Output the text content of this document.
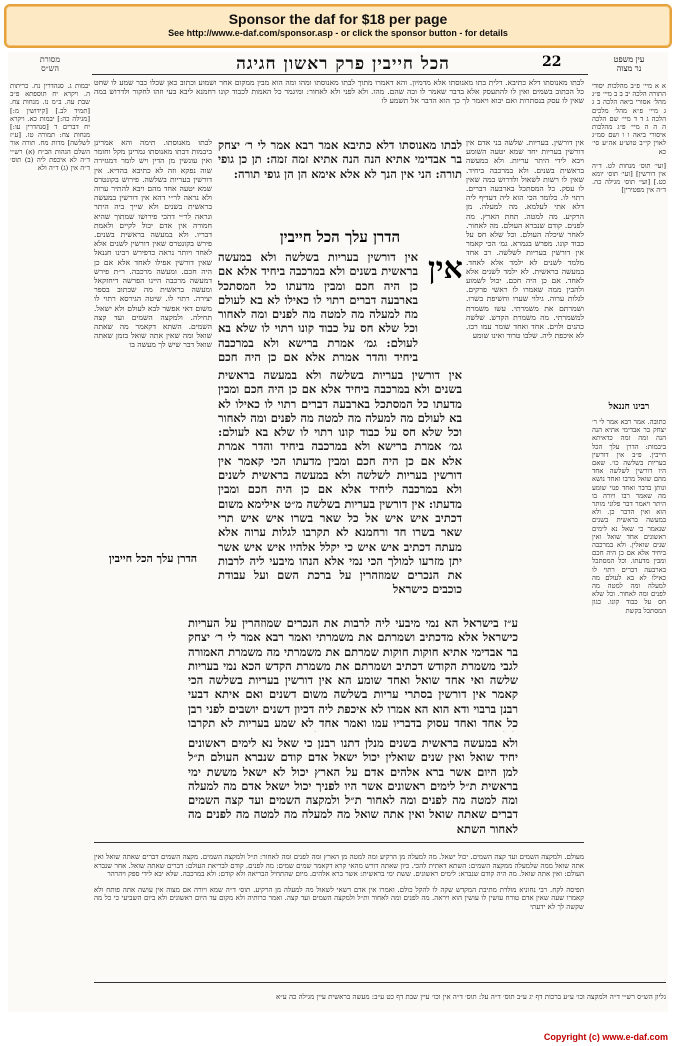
Sponsor the daf for $18 per page
See http://www.e-daf.com/sponsor.asp - or click the sponsor button - for details
מסורת
הש״ס	הכל חייבין פרק ראשון חגיגה	22	עין משפט
נר מצוה

א א מיי׳ פ״ב מהלכות יסודי התורה הלכה יב ב ב מיי׳ פ״ג מהל׳ אסורי ביאה הלכה ב ג ג מיי׳ פ״א מהל׳ מלכים הלכה ג ד ד מיי׳ שם הלכה ה ה ה מיי׳ פ״ג מהלכות איסורי ביאה ו ו ושם סמ״ג לאוין קי״ב טוש״ע אה״ע סי׳ כא

[ועי׳ תוס׳ מנחות לט. ד״ה אין דורשין] [ועי׳ תוס׳ יומא כט.] [ועי׳ תוס׳ מגילה כה. ד״ה אין מפטירין]

רבינו חננאל

כתובה. אמר רבא אמר לי ר׳ יצחק בר אבדימי אתיא הנה הנה זמה זמה כדאיתא ביבמות: הדרן עלך הכל חייבין. פ״ב אין דורשין בעריות בשלשה כו׳. שאם היו דורשין לשלשה אחד מהם שואל מרבו ואחד נושא ונותן בדבר ואחד פנוי שומע מה שאמר רבו ויורה בו היתר ויאמר דבר פלוני מותר הוא ואין הדבר כן. ולא במעשה בראשית בשנים שנאמר כי שאל נא לימים ראשונים אחד שואל ואין שנים שואלין. ולא במרכבה ביחיד אלא אם כן היה חכם ומבין מדעתו. וכל המסתכל בארבעה דברים רתוי לו כאילו לא בא לעולם מה למעלה ומה למטה מה לפנים ומה לאחור. וכל שלא חס על כבוד קונו. כגון המסתכל בקשת

יבמות ג. סנהדרין נח. כריתות ה. ויקרא יח תוספתא פ״ב שבת עה. ב״מ נז. מנחות צח. [תמיד לב.] [קידושין מ:] [מגילה כה:] יבמות כא. ויקרא יח דברים ד [סנהדרין עו:] מנחות צח: תמורה טז. [ע״ז לשלשה] מדות מח. תורה אור השלם הגהות הב״ח (א) רש״י ד״ה לא איכפת ליה (ב) תוס׳ ד״ה אין (ג) ד״ה ולא

לבתו מאנוסתו דלא כתיבא. דלית בתו מאנוסתו אלא מדמיון. והא דאמרו מתוך לבתו מאנוסתו ומהו ומה הוא מבין ממקום אחר ושמוע וכתוב כאן שכלו כבר שמע לו שחט כל הכתוב בשמים ואין לו להתעסק אלא בדבר שאמר לו ובה שהם. מהו. ולא לפני ולא לאחור: ומיגמר כל האמות לכבוד קונו רחמנא ליבא בעי וזהו לחקור ולדרוש במה שאין לו עסק בנסתרות ואם יבוא ויאמר לך כך הוא הדבר אל תשמע לו

לבתו מאנוסתו. תימה והא אמרינן ביבמות דבתו מאנוסתו גמרינן מקל וחומר ואין עונשין מן הדין ויש לומר דמגזירה שוה נפקא וזה לא כתיבא בהדיא. אין דורשין בעריות בשלשה. פירוש בקונטרס שמא יטעה אחד מהם ויבא להתיר ערוה ולא נראה לר״י דהא אין דורשין במעשה בראשית בשנים ולא שייך ביה היתר ונראה לר״י דהכי פירושו שמתוך שהיא חמורה אין אדם יכול לקיים ולאמת דבריו. ולא במעשה בראשית בשנים. פירש בקונטרס שאין דורשין לשנים אלא לאחד ויותר נראה כדפירש רבינו חננאל שאין דורשין אפילו לאחד אלא אם כן היה חכם. ומעשה מרכבה. ר״ת פירש דמעשה מרכבה היינו הפרשה דיחזקאל ומעשה בראשית מה שכתוב בספר יצירה. רתוי לו. שיטה הגירסא רתוי לו משום דאי אפשר לבא לעולם ולא ישאל. תחילה. ולמקצה השמים ועד קצה השמים. השתא דקאמר מה שאתה שואל ומה שאין אתה שואל בזמן שאתה שואל דבר שיש לך מעשה בו

אין דורשין. בעריות. שלשה בני אדם אין דורשין בעריות יחד שמא יטעה השומע ויבא לידי היתר עריות. ולא במעשה בראשית בשנים. ולא במרכבה ביחיד. שאין לו רשות לשאול ולדרוש במה שאין לו עסק. כל המסתכל בארבעה דברים. רתוי לו. כלומר הכי הוא ליה דעדיף ליה דלא אתי לעלמא. מה למעלה. מן הרקיע. מה למטה. תחת הארץ. מה לפנים. קודם שנברא העולם. מה לאחור. לאחר שיכלה העולם. וכל שלא חס על כבוד קונו. מפרש בגמרא. גמ׳ הכי קאמר אין דורשין בעריות לשלשה. רב אחד מלמד לשנים לא ילמד אלא לאחד. במעשה בראשית. לא ילמד לשנים אלא לאחד. אם כן היה חכם. יכול לשמוע ולהבין ממה שאמרו לו ראשי פרקים. לגלות ערוה. גילוי שערו וחשיפת בשרו. ושמרתם את משמרתי. עשו משמרת למשמרתי. מה משמרת הקדש. שלשה כהנים ולוים. אחד ואחד שומר עמו רבו. לא איכפת ליה. שלבו טרוד ואינו שומע

לבתו מאנוסתו דלא כתיבא אמר רבא אמר לי ר׳ יצחק בר אבדימי אתיא הנה הנה אתיא זמה זמה: תן כן גופי תורה: הני אין הנך לא אלא אימא הן הן גופי תורה:

הדרן עלך הכל חייבין

אין דורשין בעריות בשלשה ולא במעשה בראשית בשנים ולא במרכבה ביחיד אלא אם כן היה חכם ומבין מדעתו כל המסתכל בארבעה דברים רתוי לו כאילו לא בא לעולם מה למעלה מה למטה מה לפנים ומה לאחור וכל שלא חס על כבוד קונו רתוי לו שלא בא לעולם: גמ׳ אמרת ברישא ולא במרכבה ביחיד והדר אמרת אלא אם כן היה חכם

אין

אין דורשין בעריות בשלשה ולא במעשה בראשית בשנים ולא במרכבה ביחיד אלא אם כן היה חכם ומבין מדעתו כל המסתכל בארבעה דברים רתוי לו כאילו לא בא לעולם מה למעלה מה למטה מה לפנים ומה לאחור וכל שלא חס על כבוד קונו רתוי לו שלא בא לעולם: גמ׳ אמרת ברישא ולא במרכבה ביחיד והדר אמרת אלא אם כן היה חכם ומבין מדעתו הכי קאמר אין דורשין בעריות לשלשה ולא במעשה בראשית לשנים ולא במרכבה ליחיד אלא אם כן היה חכם ומבין מדעתו: אין דורשין בעריות בשלשה מ״ט אילימא משום דכתיב איש איש אל כל שאר בשרו איש איש תרי שאר בשרו חד ורחמנא לא תקרבו לגלות ערוה אלא מעתה דכתיב איש איש כי יקלל אלהיו איש איש אשר יתן מזרעו למולך הכי נמי אלא הנהו מיבעי ליה לרבות את הנכרים שמוזהרין על ברכת השם ועל עבודת כוכבים כישראל

ע״ז בישראל הא נמי מיבעי ליה לרבות את הנכרים שמוזהרין על העריות כישראל אלא מדכתיב ושמרתם את משמרתי ואמר רבא אמר לי ר׳ יצחק בר אבדימי אתיא חוקות חוקות שמרתם את משמרתי מה משמרת האמורה לגבי משמרת הקודש דכתיב ושמרתם את משמרת הקדש הכא נמי בעריות שלשה ואי אחד שואל ואחד שומע הא אין דורשין בעריות בשלשה הכי קאמר אין דורשין בסתרי עריות בשלשה משום דשנים ואם איתא דבעי רבנן ברבוי ודא הוא הא אמרו לא איכפת ליה דכיון דשנים יושבים לפני רבן כל אחד ואחד עסוק בדבריו עמו ואמר אחד לא שמע בעריות לא תקרבו

ולא במעשה בראשית בשנים מנלן דתנו רבנן כי שאל נא לימים ראשונים יחיד שואל ואין שנים שואלין יכול ישאל אדם קודם שנברא העולם ת״ל למן היום אשר ברא אלהים אדם על הארץ יכול לא ישאל מששת ימי בראשית ת״ל לימים ראשונים אשר היו לפניך יכול ישאל אדם מה למעלה ומה למטה מה לפנים ומה לאחור ת״ל ולמקצה השמים ועד קצה השמים דברים שאתה שואל ואין אתה שואל מה למעלה מה למטה מה לפנים מה לאחור השתא

הדרן עלך הכל חייבין

מעולם. ולמקצה השמים ועד קצה השמים. יכול ישאל. מה למעלה מן הרקיע ומה למטה מן הארץ ומה לפנים ומה לאחור: ת״ל ולמקצה השמים. מקצה השמים דברים שאתה שואל ואין אתה שואל ממה שלמעלה ממקצה השמים: השתא דאתית להכי. כיון שאתה דורש מהאי קרא דקאמר שמים שמים: מה לפנים. קודם לבריאת העולם: דברים שאתה שואל. אחר שנברא העולם: ואין אתה שואל. מה היה קודם שנברא: לימים ראשונים. ששת ימי בראשית: אשר ברא אלהים. מיום שהתחיל הבריאה ולא קודם: ולא במרכבה. שלא יבא לידי ספק ויהרהר

תפיסה לקח. רבי נחוניא מולדת מתיבת המקדש שקה לו להקל כולם. ואמרו אין אדם רשאי לשאול מה למעלה מן הרקיע. תוס׳ ד״ה שמא ויורה אם מצוה אין עושה אתה פותח ולא קאמרו שעה שאין אדם טורח עושין לו עושין הוא ויראה. מה לפנים ומה לאחור ות״ל ולמקצה השמים ועד קצה. ואמר כרותיה ולא מקום עד היום ראשונים ולא ביום השביעי כי כל מה שקשה לך לא ידעתי

גליון הש״ס רש״י ד״ה ולמקצה וכו׳ ע״ע ברכות דף יג ע״ב תוס׳ ד״ה על: תוס׳ ד״ה אין וכו׳ עיין שבת דף כט ע״ב: מעשה בראשית עיין מגילה כה ע״א

Copyright (c) www.e-daf.com
